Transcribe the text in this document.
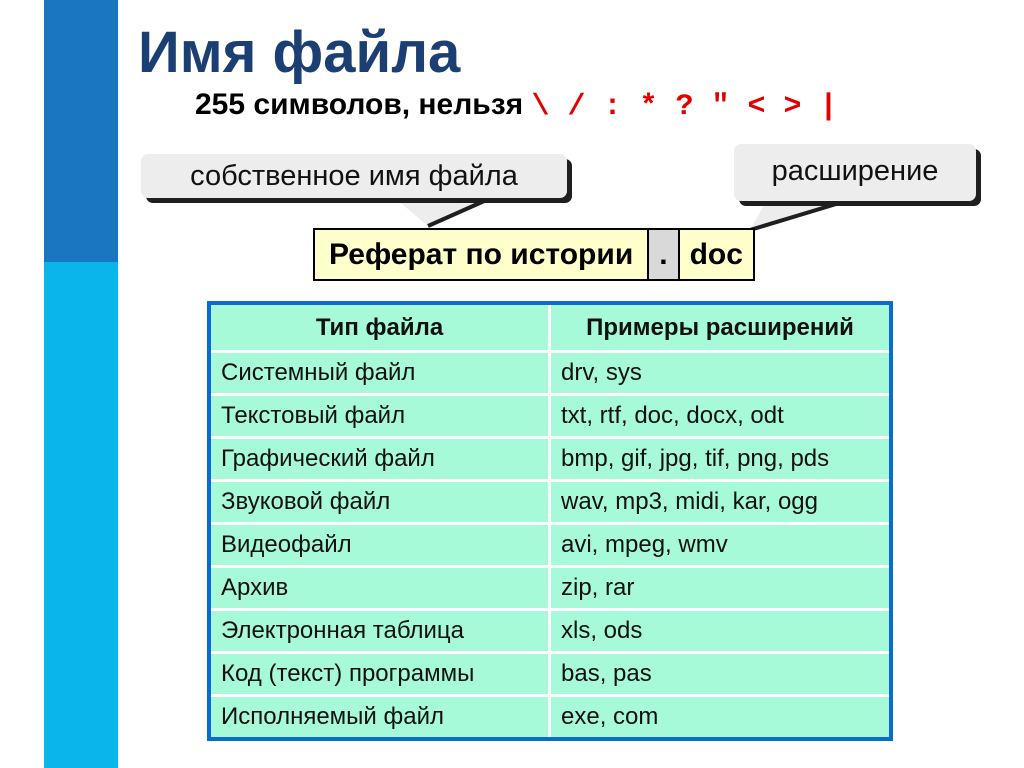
Имя файла
255 символов, нельзя \ / : * ? ″ < > |
собственное имя файла	расширение
Реферат по истории . doc
Тип файла	Примеры расширений
Системный файл	drv, sys
Текстовый файл	txt, rtf, doc, docx, odt
Графический файл	bmp, gif, jpg, tif, png, pds
Звуковой файл	wav, mp3, midi, kar, ogg
Видеофайл	avi, mpeg, wmv
Архив	zip, rar
Электронная таблица	xls, ods
Код (текст) программы	bas, pas
Исполняемый файл	exe, com
